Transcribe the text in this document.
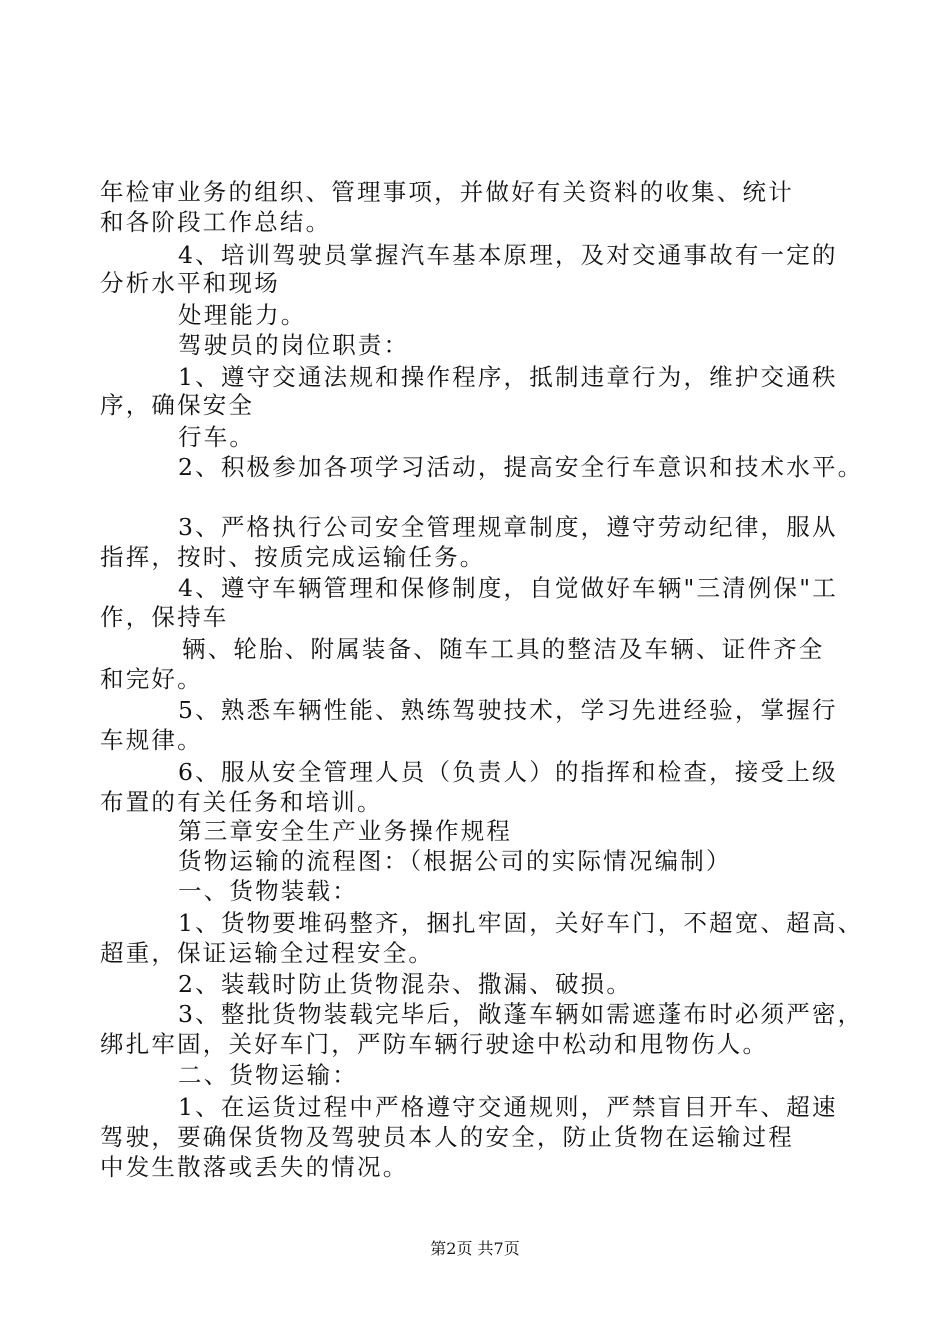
年检审业务的组织、管理事项，并做好有关资料的收集、统计
和各阶段工作总结。
4、培训驾驶员掌握汽车基本原理，及对交通事故有一定的
分析水平和现场
处理能力。
驾驶员的岗位职责：
1、遵守交通法规和操作程序，抵制违章行为，维护交通秩
序，确保安全
行车。
2、积极参加各项学习活动，提高安全行车意识和技术水平。
3、严格执行公司安全管理规章制度，遵守劳动纪律，服从
指挥，按时、按质完成运输任务。
4、遵守车辆管理和保修制度，自觉做好车辆"三清例保"工
作，保持车
辆、轮胎、附属装备、随车工具的整洁及车辆、证件齐全
和完好。
5、熟悉车辆性能、熟练驾驶技术，学习先进经验，掌握行
车规律。
6、服从安全管理人员（负责人）的指挥和检查，接受上级
布置的有关任务和培训。
第三章安全生产业务操作规程
货物运输的流程图：（根据公司的实际情况编制）
一、货物装载：
1、货物要堆码整齐，捆扎牢固，关好车门，不超宽、超高、
超重，保证运输全过程安全。
2、装载时防止货物混杂、撒漏、破损。
3、整批货物装载完毕后，敞蓬车辆如需遮蓬布时必须严密，
绑扎牢固，关好车门，严防车辆行驶途中松动和甩物伤人。
二、货物运输：
1、在运货过程中严格遵守交通规则，严禁盲目开车、超速
驾驶，要确保货物及驾驶员本人的安全，防止货物在运输过程
中发生散落或丢失的情况。
第2页 共7页
